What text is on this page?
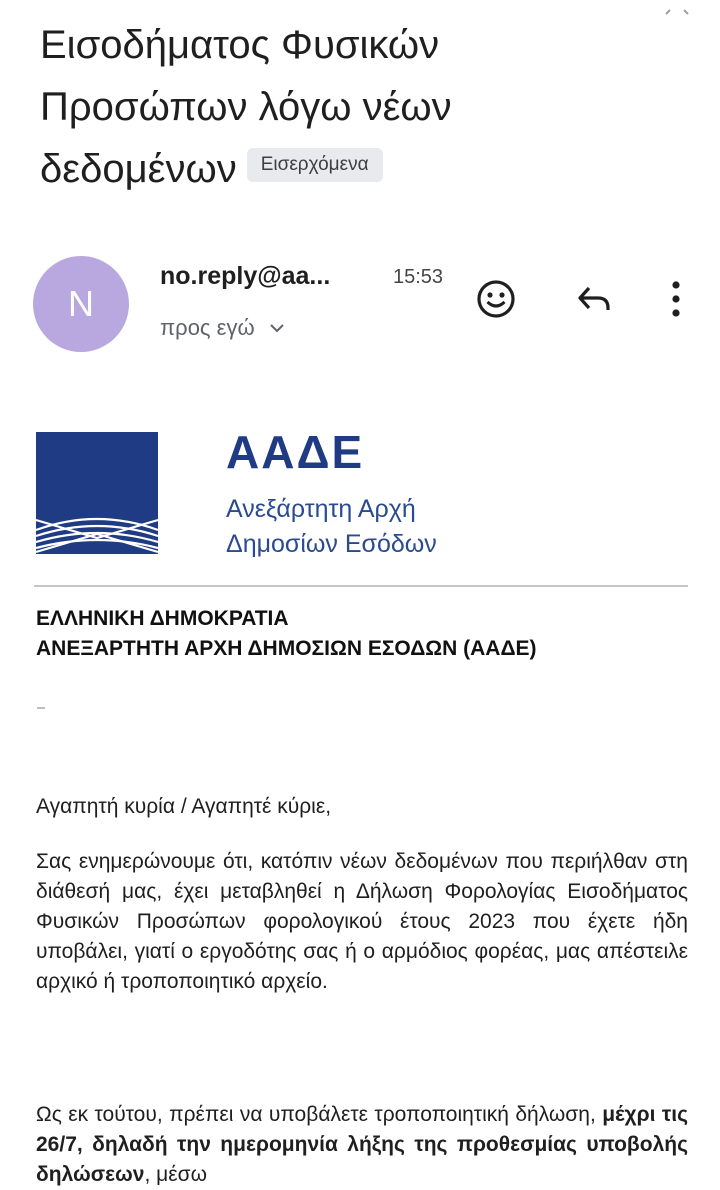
Εισοδήματος Φυσικών
Προσώπων λόγω νέων
δεδομένων Εισερχόμενα
N
no.reply@aa...	15:53
προς εγώ
ΑΑΔΕ
Ανεξάρτητη Αρχή
Δημοσίων Εσόδων
ΕΛΛΗΝΙΚΗ ΔΗΜΟΚΡΑΤΙΑ
ΑΝΕΞΑΡΤΗΤΗ ΑΡΧΗ ΔΗΜΟΣΙΩΝ ΕΣΟΔΩΝ (ΑΑΔΕ)
Αγαπητή κυρία / Αγαπητέ κύριε,
Σας ενημερώνουμε ότι, κατόπιν νέων δεδομένων που περιήλθαν στη διάθεσή μας, έχει μεταβληθεί η Δήλωση Φορολογίας Εισοδήματος Φυσικών Προσώπων φορολογικού έτους 2023 που έχετε ήδη υποβάλει, γιατί ο εργοδότης σας ή ο αρμόδιος φορέας, μας απέστειλε αρχικό ή τροποποιητικό αρχείο.
Ως εκ τούτου, πρέπει να υποβάλετε τροποποιητική δήλωση, μέχρι τις 26/7, δηλαδή την ημερομηνία λήξης της προθεσμίας υποβολής δηλώσεων, μέσω
